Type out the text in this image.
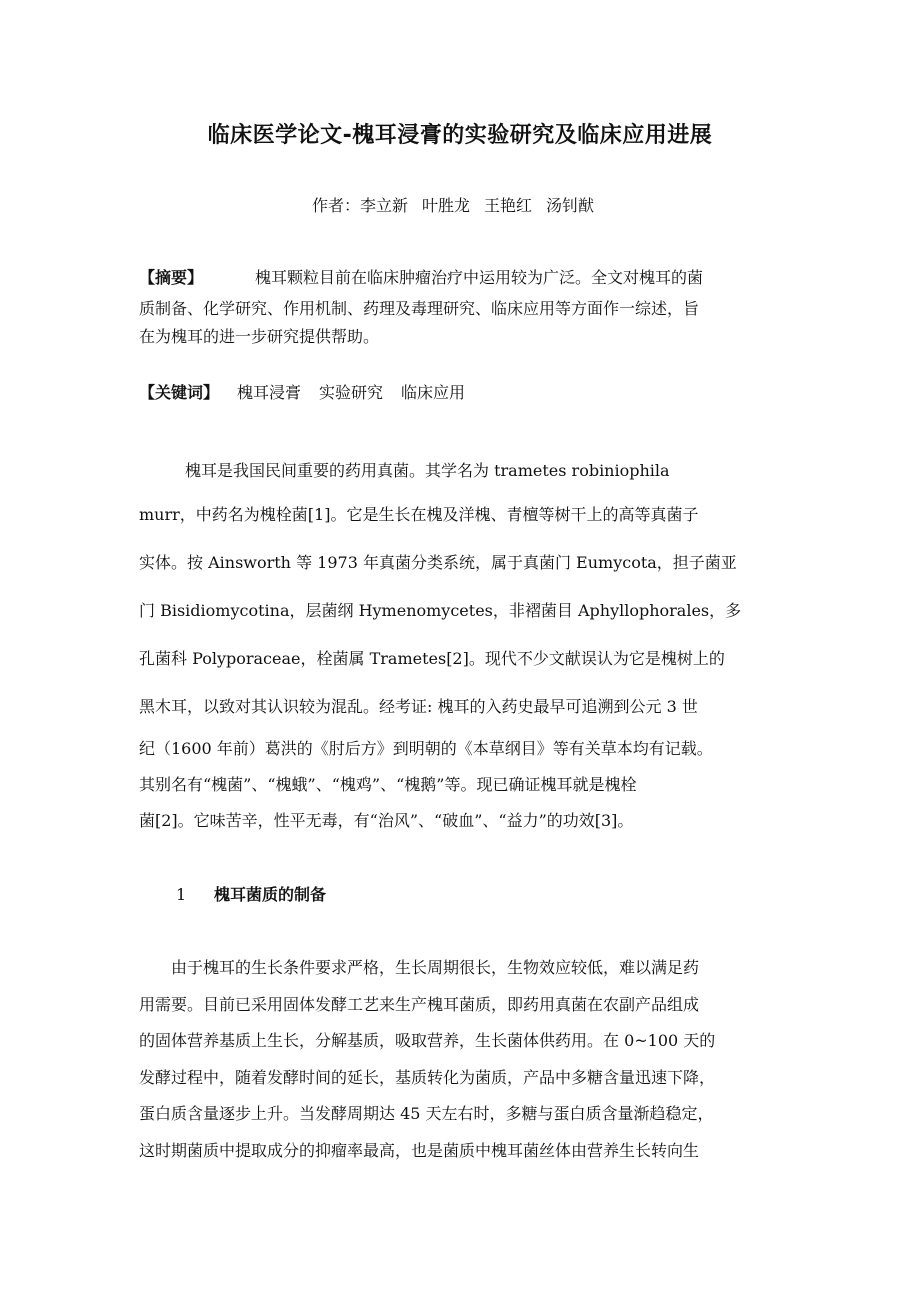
临床医学论文-槐耳浸膏的实验研究及临床应用进展
作者：李立新 叶胜龙 王艳红 汤钊猷
【摘要】	槐耳颗粒目前在临床肿瘤治疗中运用较为广泛。全文对槐耳的菌
质制备、化学研究、作用机制、药理及毒理研究、临床应用等方面作一综述，旨
在为槐耳的进一步研究提供帮助。
【关键词】 槐耳浸膏 实验研究 临床应用
槐耳是我国民间重要的药用真菌。其学名为 trametes robiniophila
murr，中药名为槐栓菌[1]。它是生长在槐及洋槐、青檀等树干上的高等真菌子
实体。按 Ainsworth 等 1973 年真菌分类系统，属于真菌门 Eumycota，担子菌亚
门 Bisidiomycotina，层菌纲 Hymenomycetes，非褶菌目 Aphyllophorales，多
孔菌科 Polyporaceae，栓菌属 Trametes[2]。现代不少文献误认为它是槐树上的
黑木耳，以致对其认识较为混乱。经考证: 槐耳的入药史最早可追溯到公元 3 世
纪（1600 年前）葛洪的《肘后方》到明朝的《本草纲目》等有关草本均有记载。
其别名有“槐菌”、“槐蛾”、“槐鸡”、“槐鹅”等。现已确证槐耳就是槐栓
菌[2]。它味苦辛，性平无毒，有“治风”、“破血”、“益力”的功效[3]。
1 槐耳菌质的制备
由于槐耳的生长条件要求严格，生长周期很长，生物效应较低，难以满足药
用需要。目前已采用固体发酵工艺来生产槐耳菌质，即药用真菌在农副产品组成
的固体营养基质上生长，分解基质，吸取营养，生长菌体供药用。在 0~100 天的
发酵过程中，随着发酵时间的延长，基质转化为菌质，产品中多糖含量迅速下降，
蛋白质含量逐步上升。当发酵周期达 45 天左右时，多糖与蛋白质含量渐趋稳定，
这时期菌质中提取成分的抑瘤率最高，也是菌质中槐耳菌丝体由营养生长转向生
